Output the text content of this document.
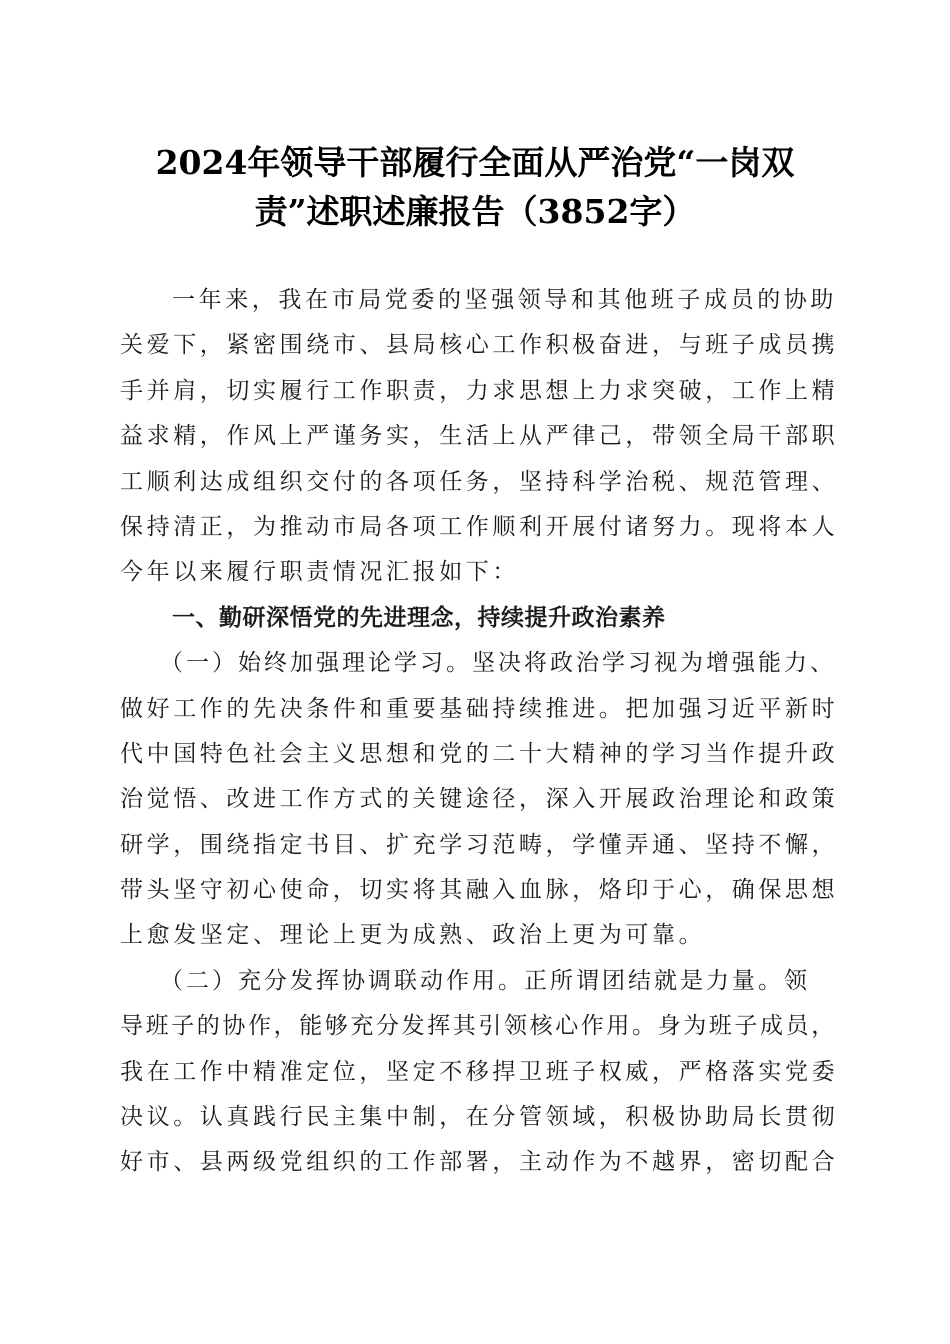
2024年领导干部履行全面从严治党“一岗双
责”述职述廉报告（3852字）
一年来，我在市局党委的坚强领导和其他班子成员的协助
关爱下，紧密围绕市、县局核心工作积极奋进，与班子成员携
手并肩，切实履行工作职责，力求思想上力求突破，工作上精
益求精，作风上严谨务实，生活上从严律己，带领全局干部职
工顺利达成组织交付的各项任务，坚持科学治税、规范管理、
保持清正，为推动市局各项工作顺利开展付诸努力。现将本人
今年以来履行职责情况汇报如下：
一、勤研深悟党的先进理念，持续提升政治素养
（一）始终加强理论学习。坚决将政治学习视为增强能力、
做好工作的先决条件和重要基础持续推进。把加强习近平新时
代中国特色社会主义思想和党的二十大精神的学习当作提升政
治觉悟、改进工作方式的关键途径，深入开展政治理论和政策
研学，围绕指定书目、扩充学习范畴，学懂弄通、坚持不懈，
带头坚守初心使命，切实将其融入血脉，烙印于心，确保思想
上愈发坚定、理论上更为成熟、政治上更为可靠。
（二）充分发挥协调联动作用。正所谓团结就是力量。领
导班子的协作，能够充分发挥其引领核心作用。身为班子成员，
我在工作中精准定位，坚定不移捍卫班子权威，严格落实党委
决议。认真践行民主集中制，在分管领域，积极协助局长贯彻
好市、县两级党组织的工作部署，主动作为不越界，密切配合
